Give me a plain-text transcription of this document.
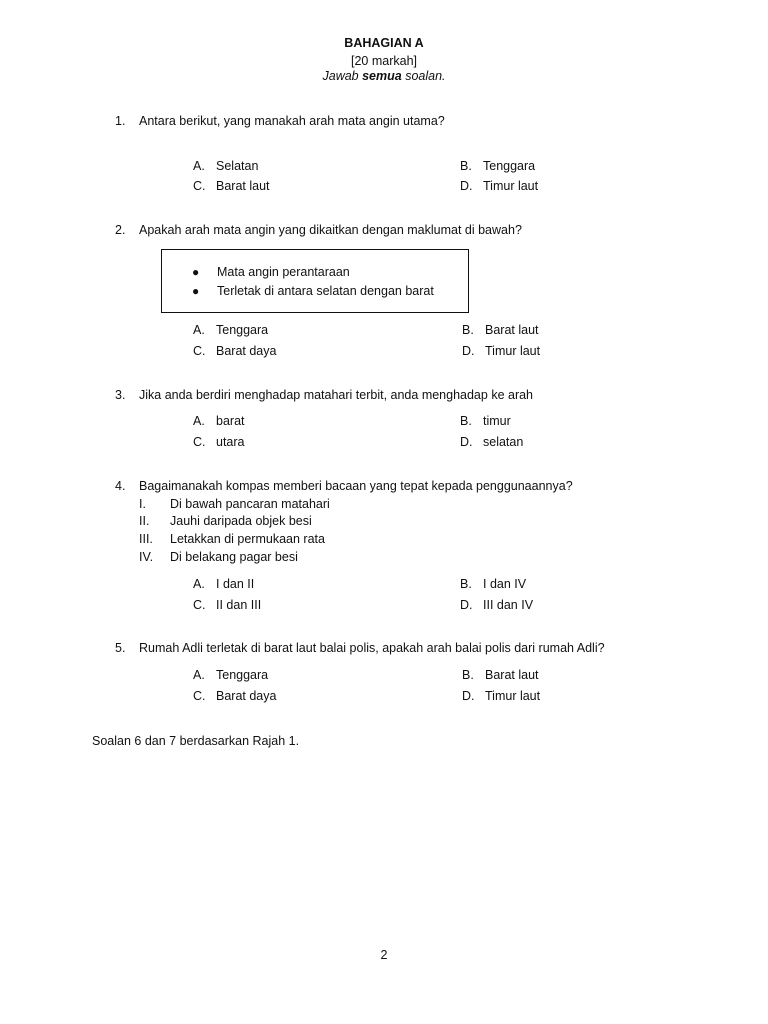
BAHAGIAN A
[20 markah]
Jawab semua soalan.
1. Antara berikut, yang manakah arah mata angin utama?
A. Selatan	B. Tenggara
C. Barat laut	D. Timur laut
2. Apakah arah mata angin yang dikaitkan dengan maklumat di bawah?
● Mata angin perantaraan
● Terletak di antara selatan dengan barat
A. Tenggara	B. Barat laut
C. Barat daya	D. Timur laut
3. Jika anda berdiri menghadap matahari terbit, anda menghadap ke arah
A. barat	B. timur
C. utara	D. selatan
4. Bagaimanakah kompas memberi bacaan yang tepat kepada penggunaannya?
I. Di bawah pancaran matahari
II. Jauhi daripada objek besi
III. Letakkan di permukaan rata
IV. Di belakang pagar besi
A. I dan II	B. I dan IV
C. II dan III	D. III dan IV
5. Rumah Adli terletak di barat laut balai polis, apakah arah balai polis dari rumah Adli?
A. Tenggara	B. Barat laut
C. Barat daya	D. Timur laut
Soalan 6 dan 7 berdasarkan Rajah 1.
2
